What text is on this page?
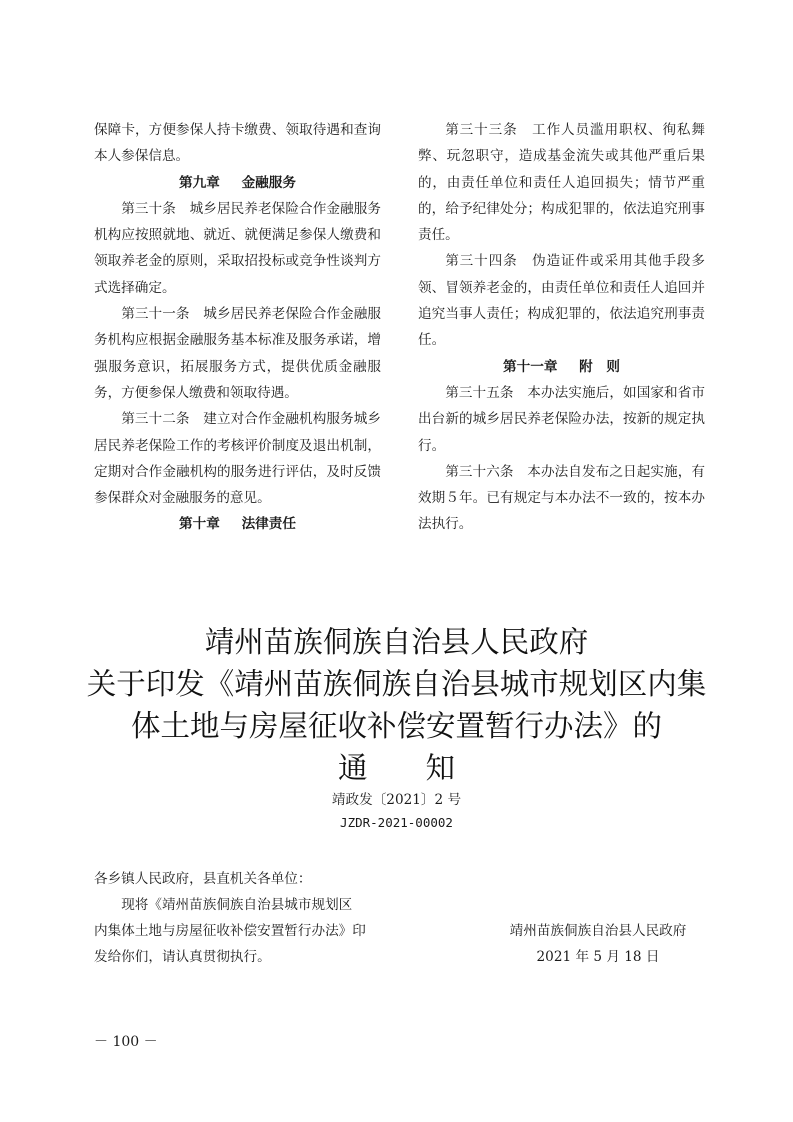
保障卡，方便参保人持卡缴费、领取待遇和查询本人参保信息。

第九章 金融服务

第三十条　城乡居民养老保险合作金融服务机构应按照就地、就近、就便满足参保人缴费和领取养老金的原则，采取招投标或竞争性谈判方式选择确定。

第三十一条　城乡居民养老保险合作金融服务机构应根据金融服务基本标准及服务承诺，增强服务意识，拓展服务方式，提供优质金融服务，方便参保人缴费和领取待遇。

第三十二条　建立对合作金融机构服务城乡居民养老保险工作的考核评价制度及退出机制，定期对合作金融机构的服务进行评估，及时反馈参保群众对金融服务的意见。

第十章 法律责任

第三十三条　工作人员滥用职权、徇私舞弊、玩忽职守，造成基金流失或其他严重后果的，由责任单位和责任人追回损失；情节严重的，给予纪律处分；构成犯罪的，依法追究刑事责任。

第三十四条　伪造证件或采用其他手段多领、冒领养老金的，由责任单位和责任人追回并追究当事人责任；构成犯罪的，依法追究刑事责任。

第十一章 附　则

第三十五条　本办法实施后，如国家和省市出台新的城乡居民养老保险办法，按新的规定执行。

第三十六条　本办法自发布之日起实施，有效期５年。已有规定与本办法不一致的，按本办法执行。

靖州苗族侗族自治县人民政府
关于印发《靖州苗族侗族自治县城市规划区内集
体土地与房屋征收补偿安置暂行办法》的
通 知
靖政发〔2021〕2 号
JZDR-2021-00002
各乡镇人民政府，县直机关各单位：
现将《靖州苗族侗族自治县城市规划区
内集体土地与房屋征收补偿安置暂行办法》印
发给你们，请认真贯彻执行。
靖州苗族侗族自治县人民政府
2021 年 5 月 18 日
－ 100 －
